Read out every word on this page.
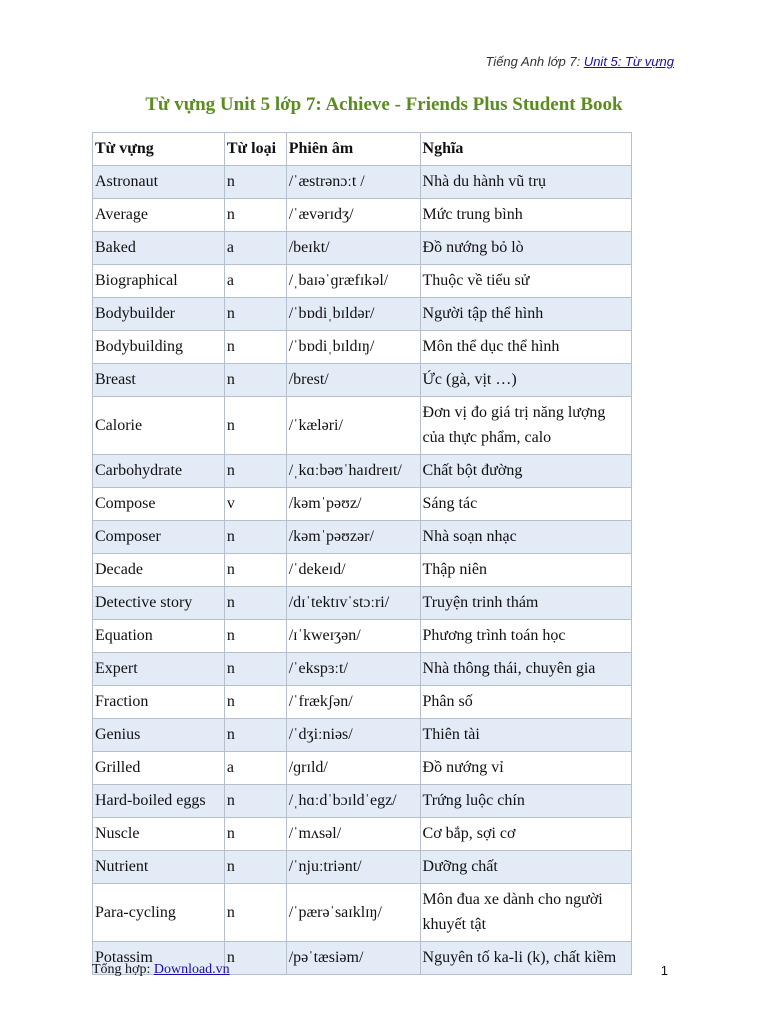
Tiếng Anh lớp 7: Unit 5: Từ vựng
Từ vựng Unit 5 lớp 7: Achieve - Friends Plus Student Book
Từ vựng	Từ loại	Phiên âm	Nghĩa
Astronaut	n	/ˈæstrənɔːt /	Nhà du hành vũ trụ
Average	n	/ˈævərɪdʒ/	Mức trung bình
Baked	a	/beɪkt/	Đồ nướng bỏ lò
Biographical	a	/ˌbaɪəˈɡræfɪkəl/	Thuộc về tiểu sử
Bodybuilder	n	/ˈbɒdiˌbɪldər/	Người tập thể hình
Bodybuilding	n	/ˈbɒdiˌbɪldɪŋ/	Môn thể dục thể hình
Breast	n	/brest/	Ức (gà, vịt …)
Calorie	n	/ˈkæləri/	Đơn vị đo giá trị năng lượng của thực phẩm, calo
Carbohydrate	n	/ˌkɑːbəʊˈhaɪdreɪt/	Chất bột đường
Compose	v	/kəmˈpəʊz/	Sáng tác
Composer	n	/kəmˈpəʊzər/	Nhà soạn nhạc
Decade	n	/ˈdekeɪd/	Thập niên
Detective story	n	/dɪˈtektɪvˈstɔːri/	Truyện trinh thám
Equation	n	/ɪˈkweɪʒən/	Phương trình toán học
Expert	n	/ˈekspɜːt/	Nhà thông thái, chuyên gia
Fraction	n	/ˈfrækʃən/	Phân số
Genius	n	/ˈdʒiːniəs/	Thiên tài
Grilled	a	/ɡrɪld/	Đồ nướng vỉ
Hard-boiled eggs	n	/ˌhɑːdˈbɔɪldˈegz/	Trứng luộc chín
Nuscle	n	/ˈmʌsəl/	Cơ bắp, sợi cơ
Nutrient	n	/ˈnjuːtriənt/	Dưỡng chất
Para-cycling	n	/ˈpærəˈsaɪklɪŋ/	Môn đua xe dành cho người khuyết tật
Potassim	n	/pəˈtæsiəm/	Nguyên tố ka-li (k), chất kiềm
Tổng hợp: Download.vn	1
